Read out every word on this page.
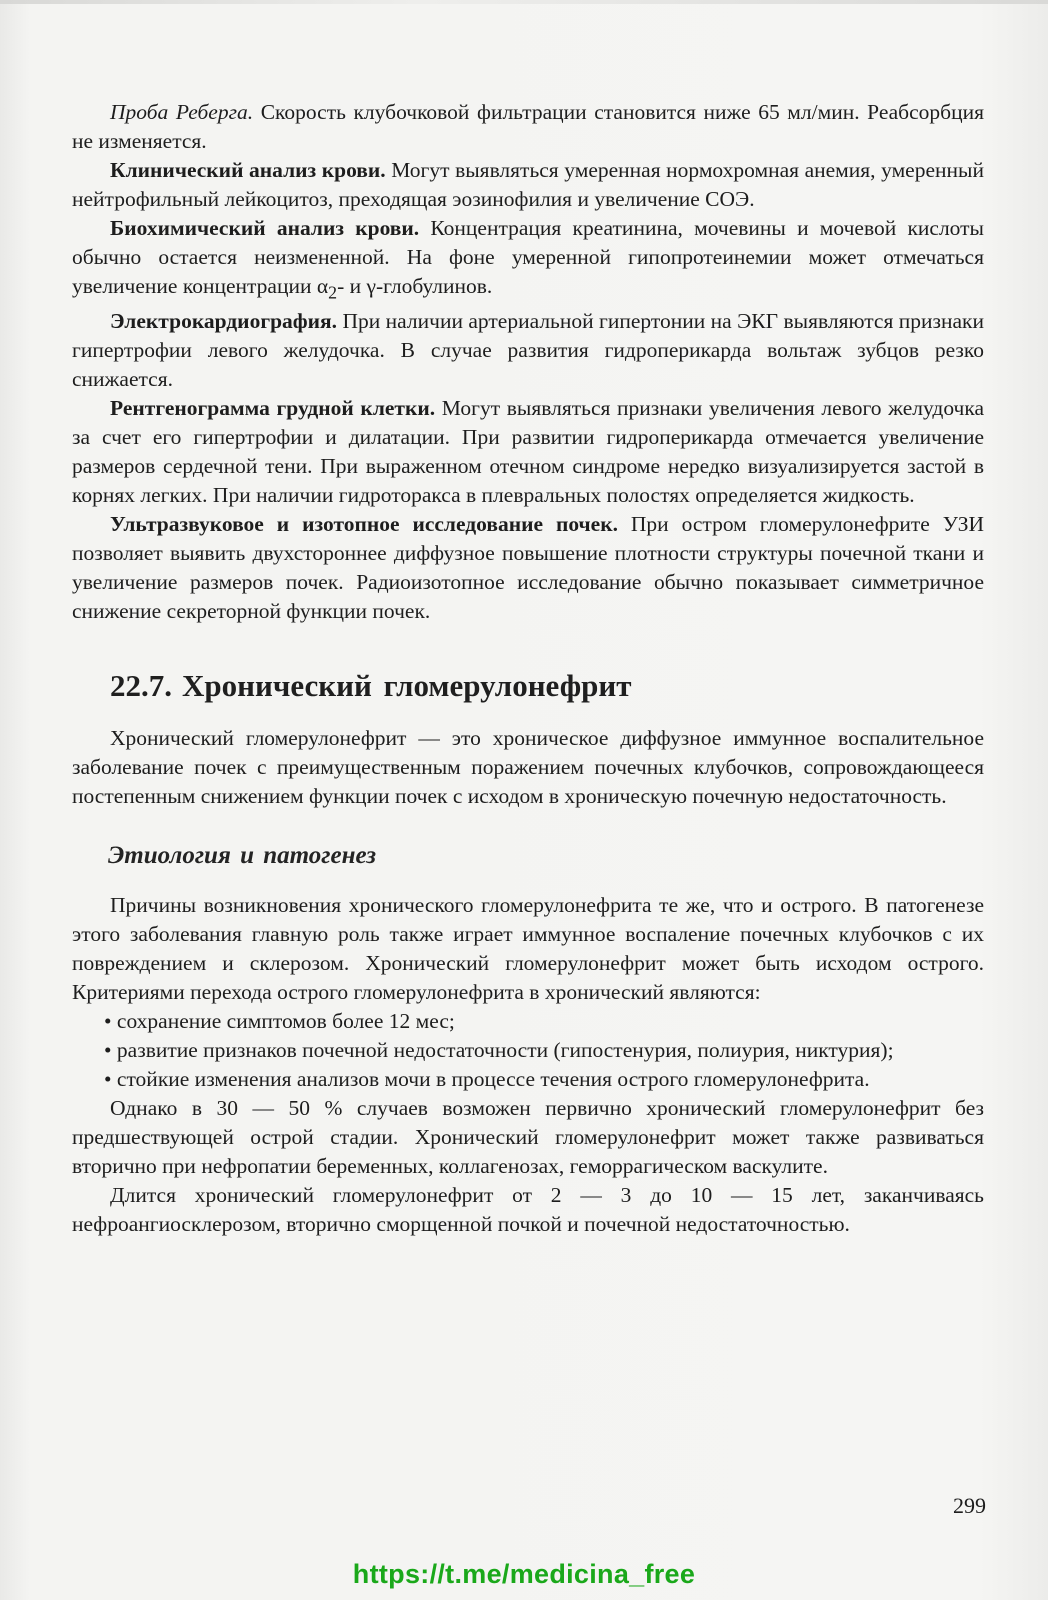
Проба Реберга. Скорость клубочковой фильтрации становится ниже 65 мл/мин. Реабсорбция не изменяется.

Клинический анализ крови. Могут выявляться умеренная нормохромная анемия, умеренный нейтрофильный лейкоцитоз, преходящая эозинофилия и увеличение СОЭ.

Биохимический анализ крови. Концентрация креатинина, мочевины и мочевой кислоты обычно остается неизмененной. На фоне умеренной гипопротеинемии может отмечаться увеличение концентрации $\alpha_2-$ и γ-глобулинов.

Электрокардиография. При наличии артериальной гипертонии на ЭКГ выявляются признаки гипертрофии левого желудочка. В случае развития гидроперикарда вольтаж зубцов резко снижается.

Рентгенограмма грудной клетки. Могут выявляться признаки увеличения левого желудочка за счет его гипертрофии и дилатации. При развитии гидроперикарда отмечается увеличение размеров сердечной тени. При выраженном отечном синдроме нередко визуализируется застой в корнях легких. При наличии гидроторакса в плевральных полостях определяется жидкость.

Ультразвуковое и изотопное исследование почек. При остром гломерулонефрите УЗИ позволяет выявить двухстороннее диффузное повышение плотности структуры почечной ткани и увеличение размеров почек. Радиоизотопное исследование обычно показывает симметричное снижение секреторной функции почек.

22.7. Хронический гломерулонефрит

Хронический гломерулонефрит — это хроническое диффузное иммунное воспалительное заболевание почек с преимущественным поражением почечных клубочков, сопровождающееся постепенным снижением функции почек с исходом в хроническую почечную недостаточность.

Этиология и патогенез

Причины возникновения хронического гломерулонефрита те же, что и острого. В патогенезе этого заболевания главную роль также играет иммунное воспаление почечных клубочков с их повреждением и склерозом. Хронический гломерулонефрит может быть исходом острого. Критериями перехода острого гломерулонефрита в хронический являются:

• сохранение симптомов более 12 мес;

• развитие признаков почечной недостаточности (гипостенурия, полиурия, никтурия);

• стойкие изменения анализов мочи в процессе течения острого гломерулонефрита.

Однако в 30 — 50 % случаев возможен первично хронический гломерулонефрит без предшествующей острой стадии. Хронический гломерулонефрит может также развиваться вторично при нефропатии беременных, коллагенозах, геморрагическом васкулите.

Длится хронический гломерулонефрит от 2 — 3 до 10 — 15 лет, заканчиваясь нефроангиосклерозом, вторично сморщенной почкой и почечной недостаточностью.

299
https://t.me/medicina_free
